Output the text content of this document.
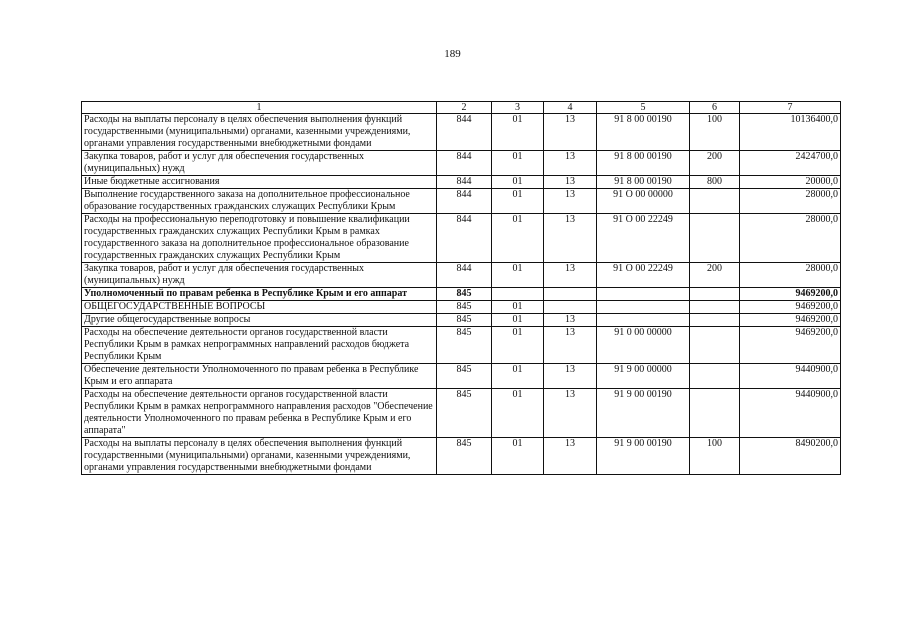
189
1	2	3	4	5	6	7
Расходы на выплаты персоналу в целях обеспечения выполнения функций государственными (муниципальными) органами, казенными учреждениями, органами управления государственными внебюджетными фондами	844	01	13	91 8 00 00190	100	10136400,0
Закупка товаров, работ и услуг для обеспечения государственных (муниципальных) нужд	844	01	13	91 8 00 00190	200	2424700,0
Иные бюджетные ассигнования	844	01	13	91 8 00 00190	800	20000,0
Выполнение государственного заказа на дополнительное профессиональное образование государственных гражданских служащих Республики Крым	844	01	13	91 О 00 00000		28000,0
Расходы на профессиональную переподготовку и повышение квалификации государственных гражданских служащих Республики Крым в рамках государственного заказа на дополнительное профессиональное образование государственных гражданских служащих Республики Крым	844	01	13	91 О 00 22249		28000,0
Закупка товаров, работ и услуг для обеспечения государственных (муниципальных) нужд	844	01	13	91 О 00 22249	200	28000,0
Уполномоченный по правам ребенка в Республике Крым и его аппарат	845					9469200,0
ОБЩЕГОСУДАРСТВЕННЫЕ ВОПРОСЫ	845	01				9469200,0
Другие общегосударственные вопросы	845	01	13			9469200,0
Расходы на обеспечение деятельности органов государственной власти Республики Крым в рамках непрограммных направлений расходов бюджета Республики Крым	845	01	13	91 0 00 00000		9469200,0
Обеспечение деятельности Уполномоченного по правам ребенка в Республике Крым и его аппарата	845	01	13	91 9 00 00000		9440900,0
Расходы на обеспечение деятельности органов государственной власти Республики Крым в рамках непрограммного направления расходов "Обеспечение деятельности Уполномоченного по правам ребенка в Республике Крым и его аппарата"	845	01	13	91 9 00 00190		9440900,0
Расходы на выплаты персоналу в целях обеспечения выполнения функций государственными (муниципальными) органами, казенными учреждениями, органами управления государственными внебюджетными фондами	845	01	13	91 9 00 00190	100	8490200,0
